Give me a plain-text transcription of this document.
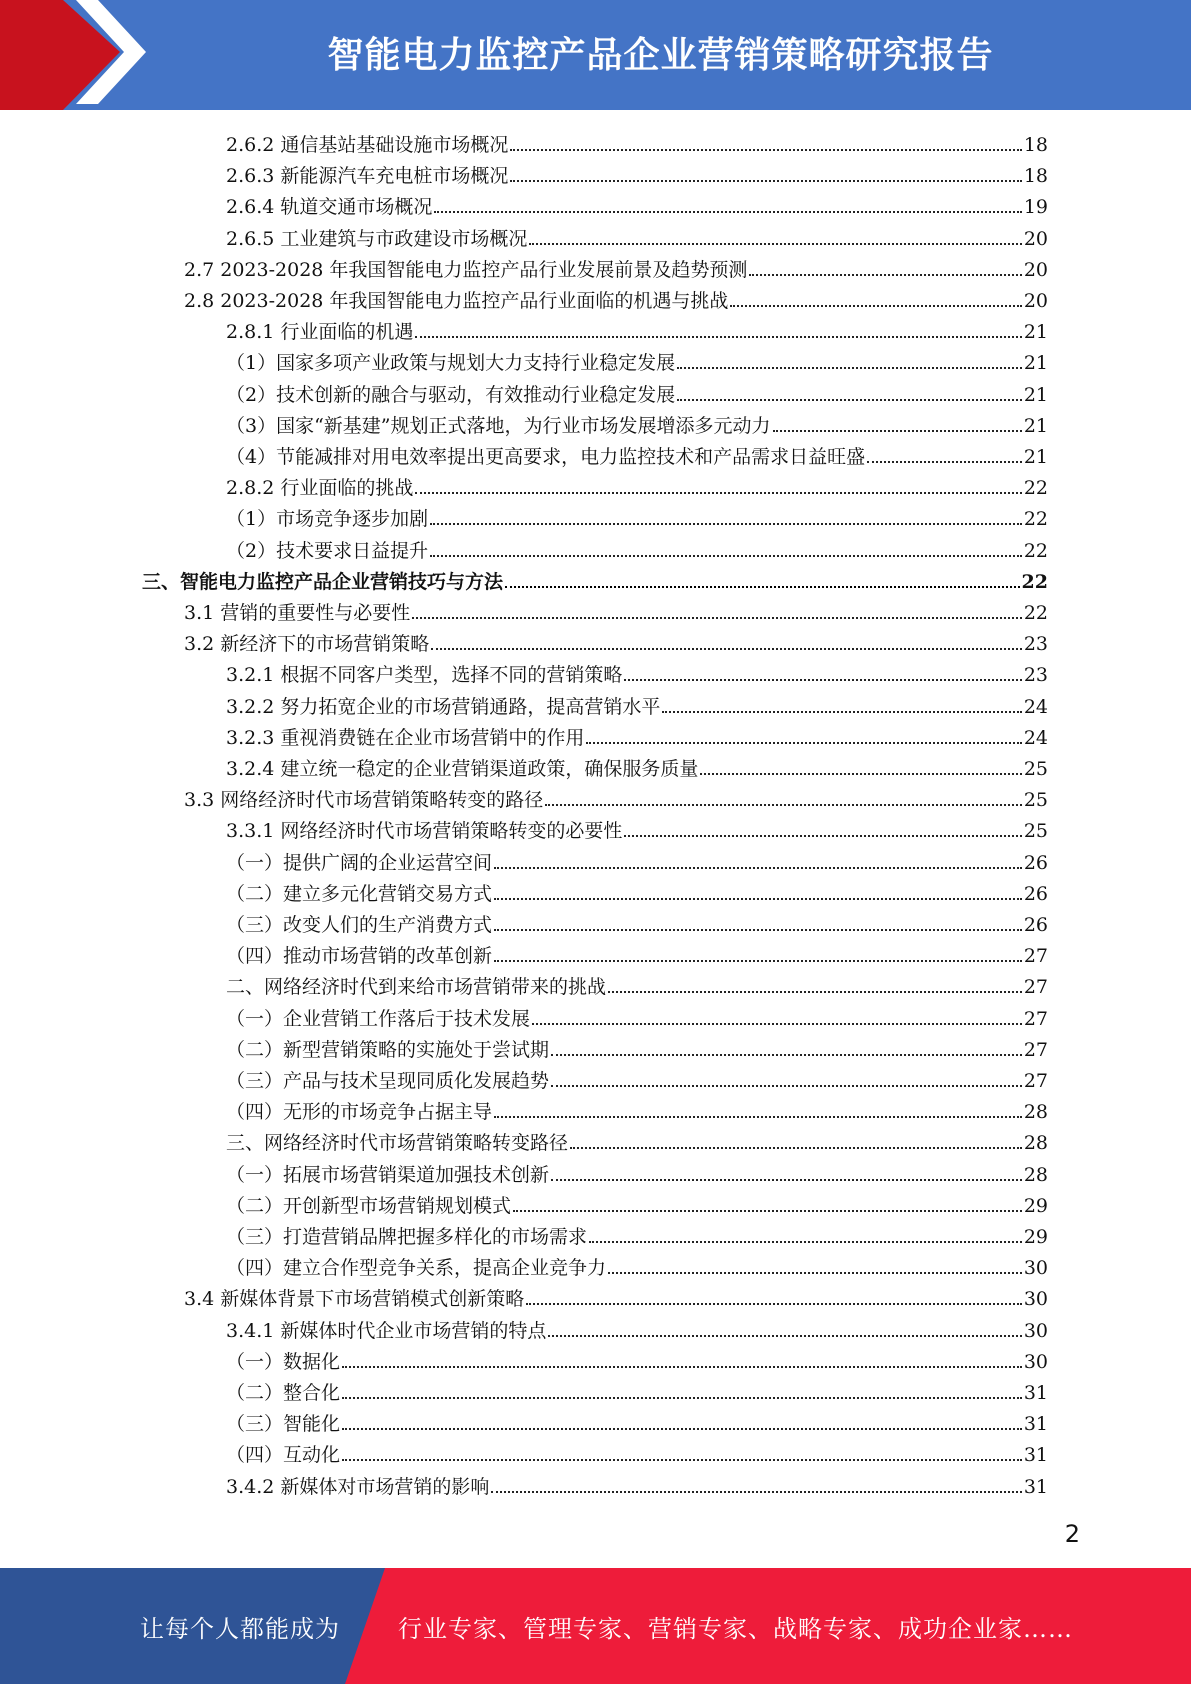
智能电力监控产品企业营销策略研究报告
2.6.2 通信基站基础设施市场概况	18
2.6.3 新能源汽车充电桩市场概况	18
2.6.4 轨道交通市场概况	19
2.6.5 工业建筑与市政建设市场概况	20
2.7 2023-2028 年我国智能电力监控产品行业发展前景及趋势预测	20
2.8 2023-2028 年我国智能电力监控产品行业面临的机遇与挑战	20
2.8.1 行业面临的机遇	21
（1）国家多项产业政策与规划大力支持行业稳定发展	21
（2）技术创新的融合与驱动，有效推动行业稳定发展	21
（3）国家“新基建”规划正式落地，为行业市场发展增添多元动力	21
（4）节能减排对用电效率提出更高要求，电力监控技术和产品需求日益旺盛	21
2.8.2 行业面临的挑战	22
（1）市场竞争逐步加剧	22
（2）技术要求日益提升	22
三、智能电力监控产品企业营销技巧与方法	22
3.1 营销的重要性与必要性	22
3.2 新经济下的市场营销策略	23
3.2.1 根据不同客户类型，选择不同的营销策略	23
3.2.2 努力拓宽企业的市场营销通路，提高营销水平	24
3.2.3 重视消费链在企业市场营销中的作用	24
3.2.4 建立统一稳定的企业营销渠道政策，确保服务质量	25
3.3 网络经济时代市场营销策略转变的路径	25
3.3.1 网络经济时代市场营销策略转变的必要性	25
（一）提供广阔的企业运营空间	26
（二）建立多元化营销交易方式	26
（三）改变人们的生产消费方式	26
（四）推动市场营销的改革创新	27
二、网络经济时代到来给市场营销带来的挑战	27
（一）企业营销工作落后于技术发展	27
（二）新型营销策略的实施处于尝试期	27
（三）产品与技术呈现同质化发展趋势	27
（四）无形的市场竞争占据主导	28
三、网络经济时代市场营销策略转变路径	28
（一）拓展市场营销渠道加强技术创新	28
（二）开创新型市场营销规划模式	29
（三）打造营销品牌把握多样化的市场需求	29
（四）建立合作型竞争关系，提高企业竞争力	30
3.4 新媒体背景下市场营销模式创新策略	30
3.4.1 新媒体时代企业市场营销的特点	30
（一）数据化	30
（二）整合化	31
（三）智能化	31
（四）互动化	31
3.4.2 新媒体对市场营销的影响	31
2
让每个人都能成为 行业专家、管理专家、营销专家、战略专家、成功企业家……
